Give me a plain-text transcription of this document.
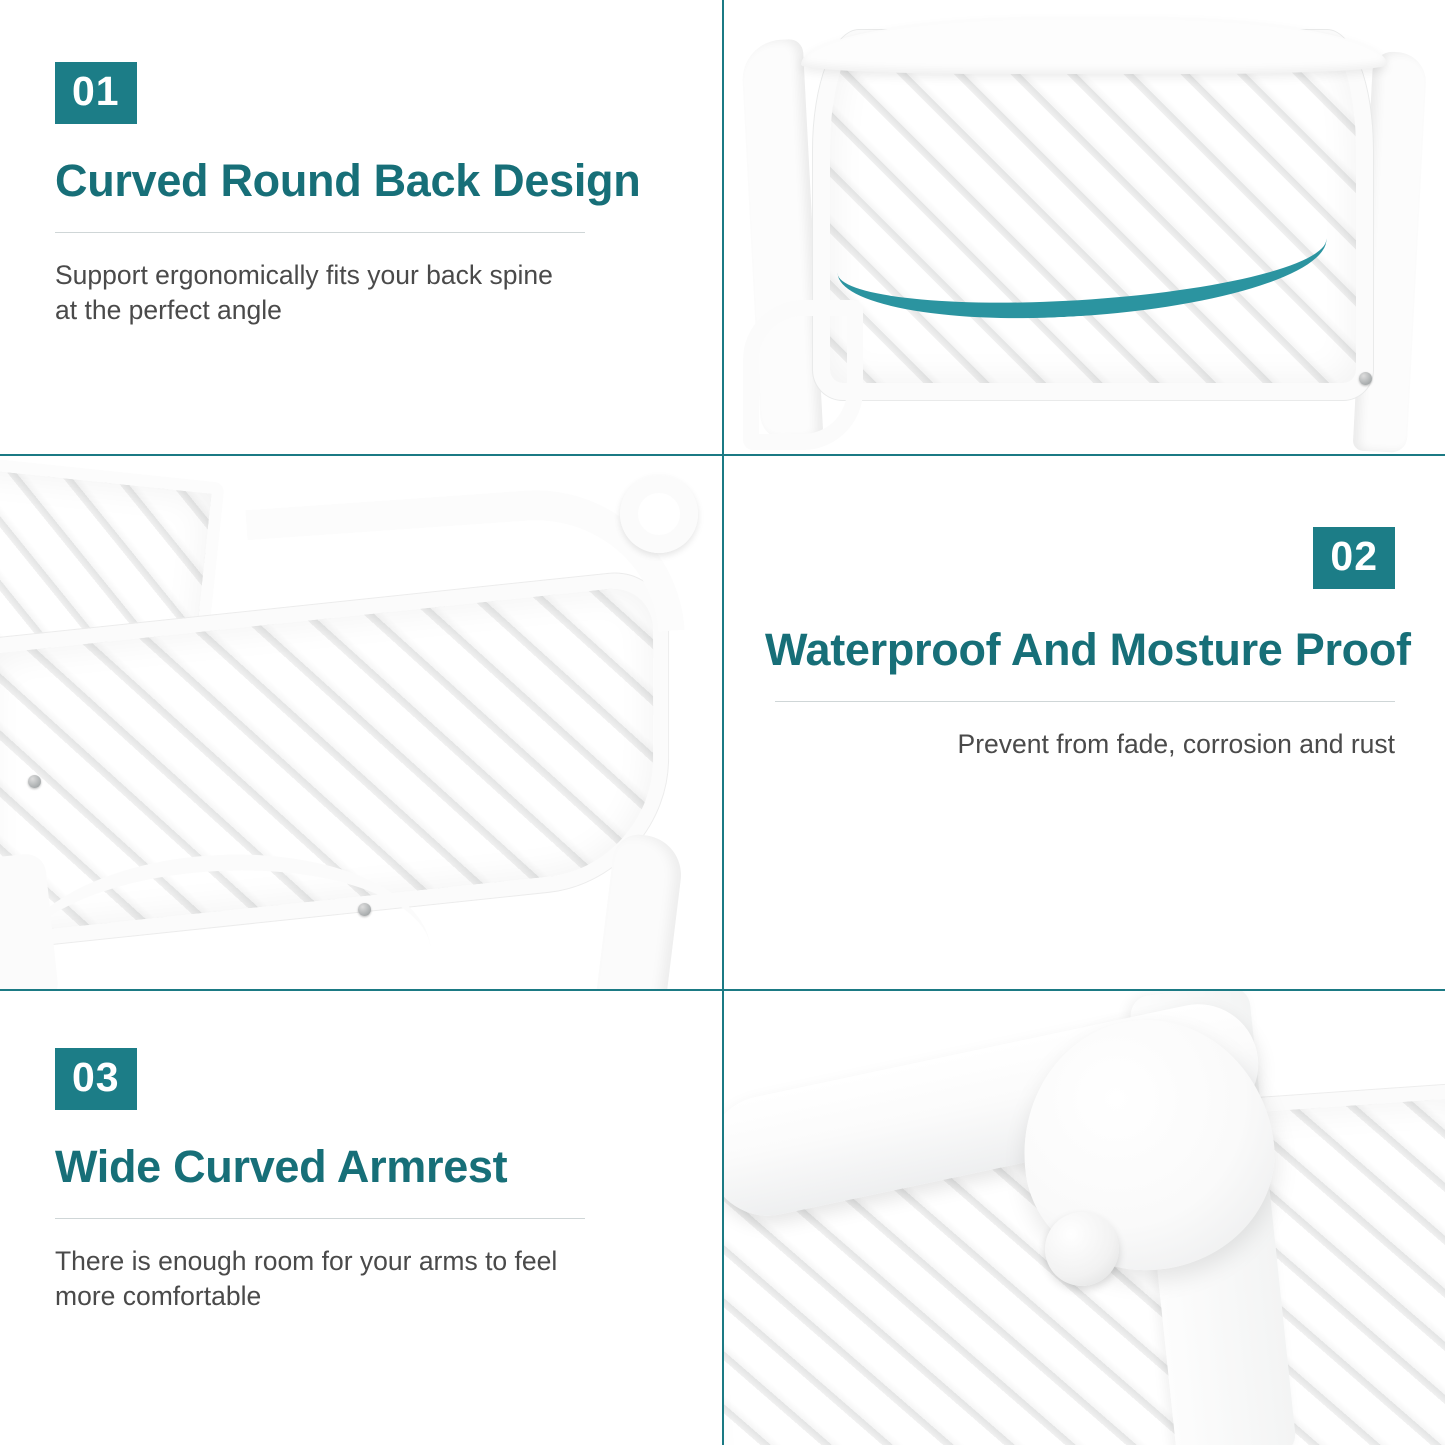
01
Curved Round Back Design
Support ergonomically fits your back spine at the perfect angle
02
Waterproof And Mosture Proof
Prevent from fade, corrosion and rust
03
Wide Curved Armrest
There is enough room for your arms to feel more comfortable
